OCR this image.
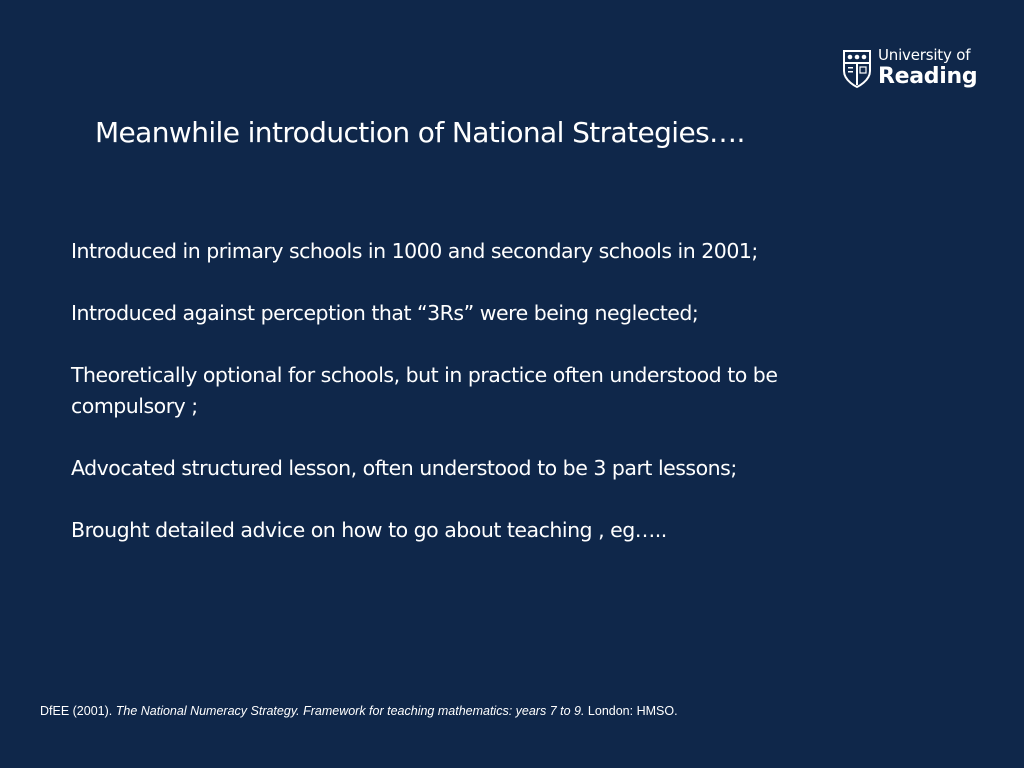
University of
Reading
Meanwhile introduction of National Strategies….
Introduced in primary schools in 1000 and secondary schools in 2001;
Introduced against perception that “3Rs” were being neglected;
Theoretically optional for schools, but in practice often understood to be compulsory ;
Advocated structured lesson, often understood to be 3 part lessons;
Brought detailed advice on how to go about teaching , eg…..
DfEE (2001). The National Numeracy Strategy. Framework for teaching mathematics: years 7 to 9. London: HMSO.
